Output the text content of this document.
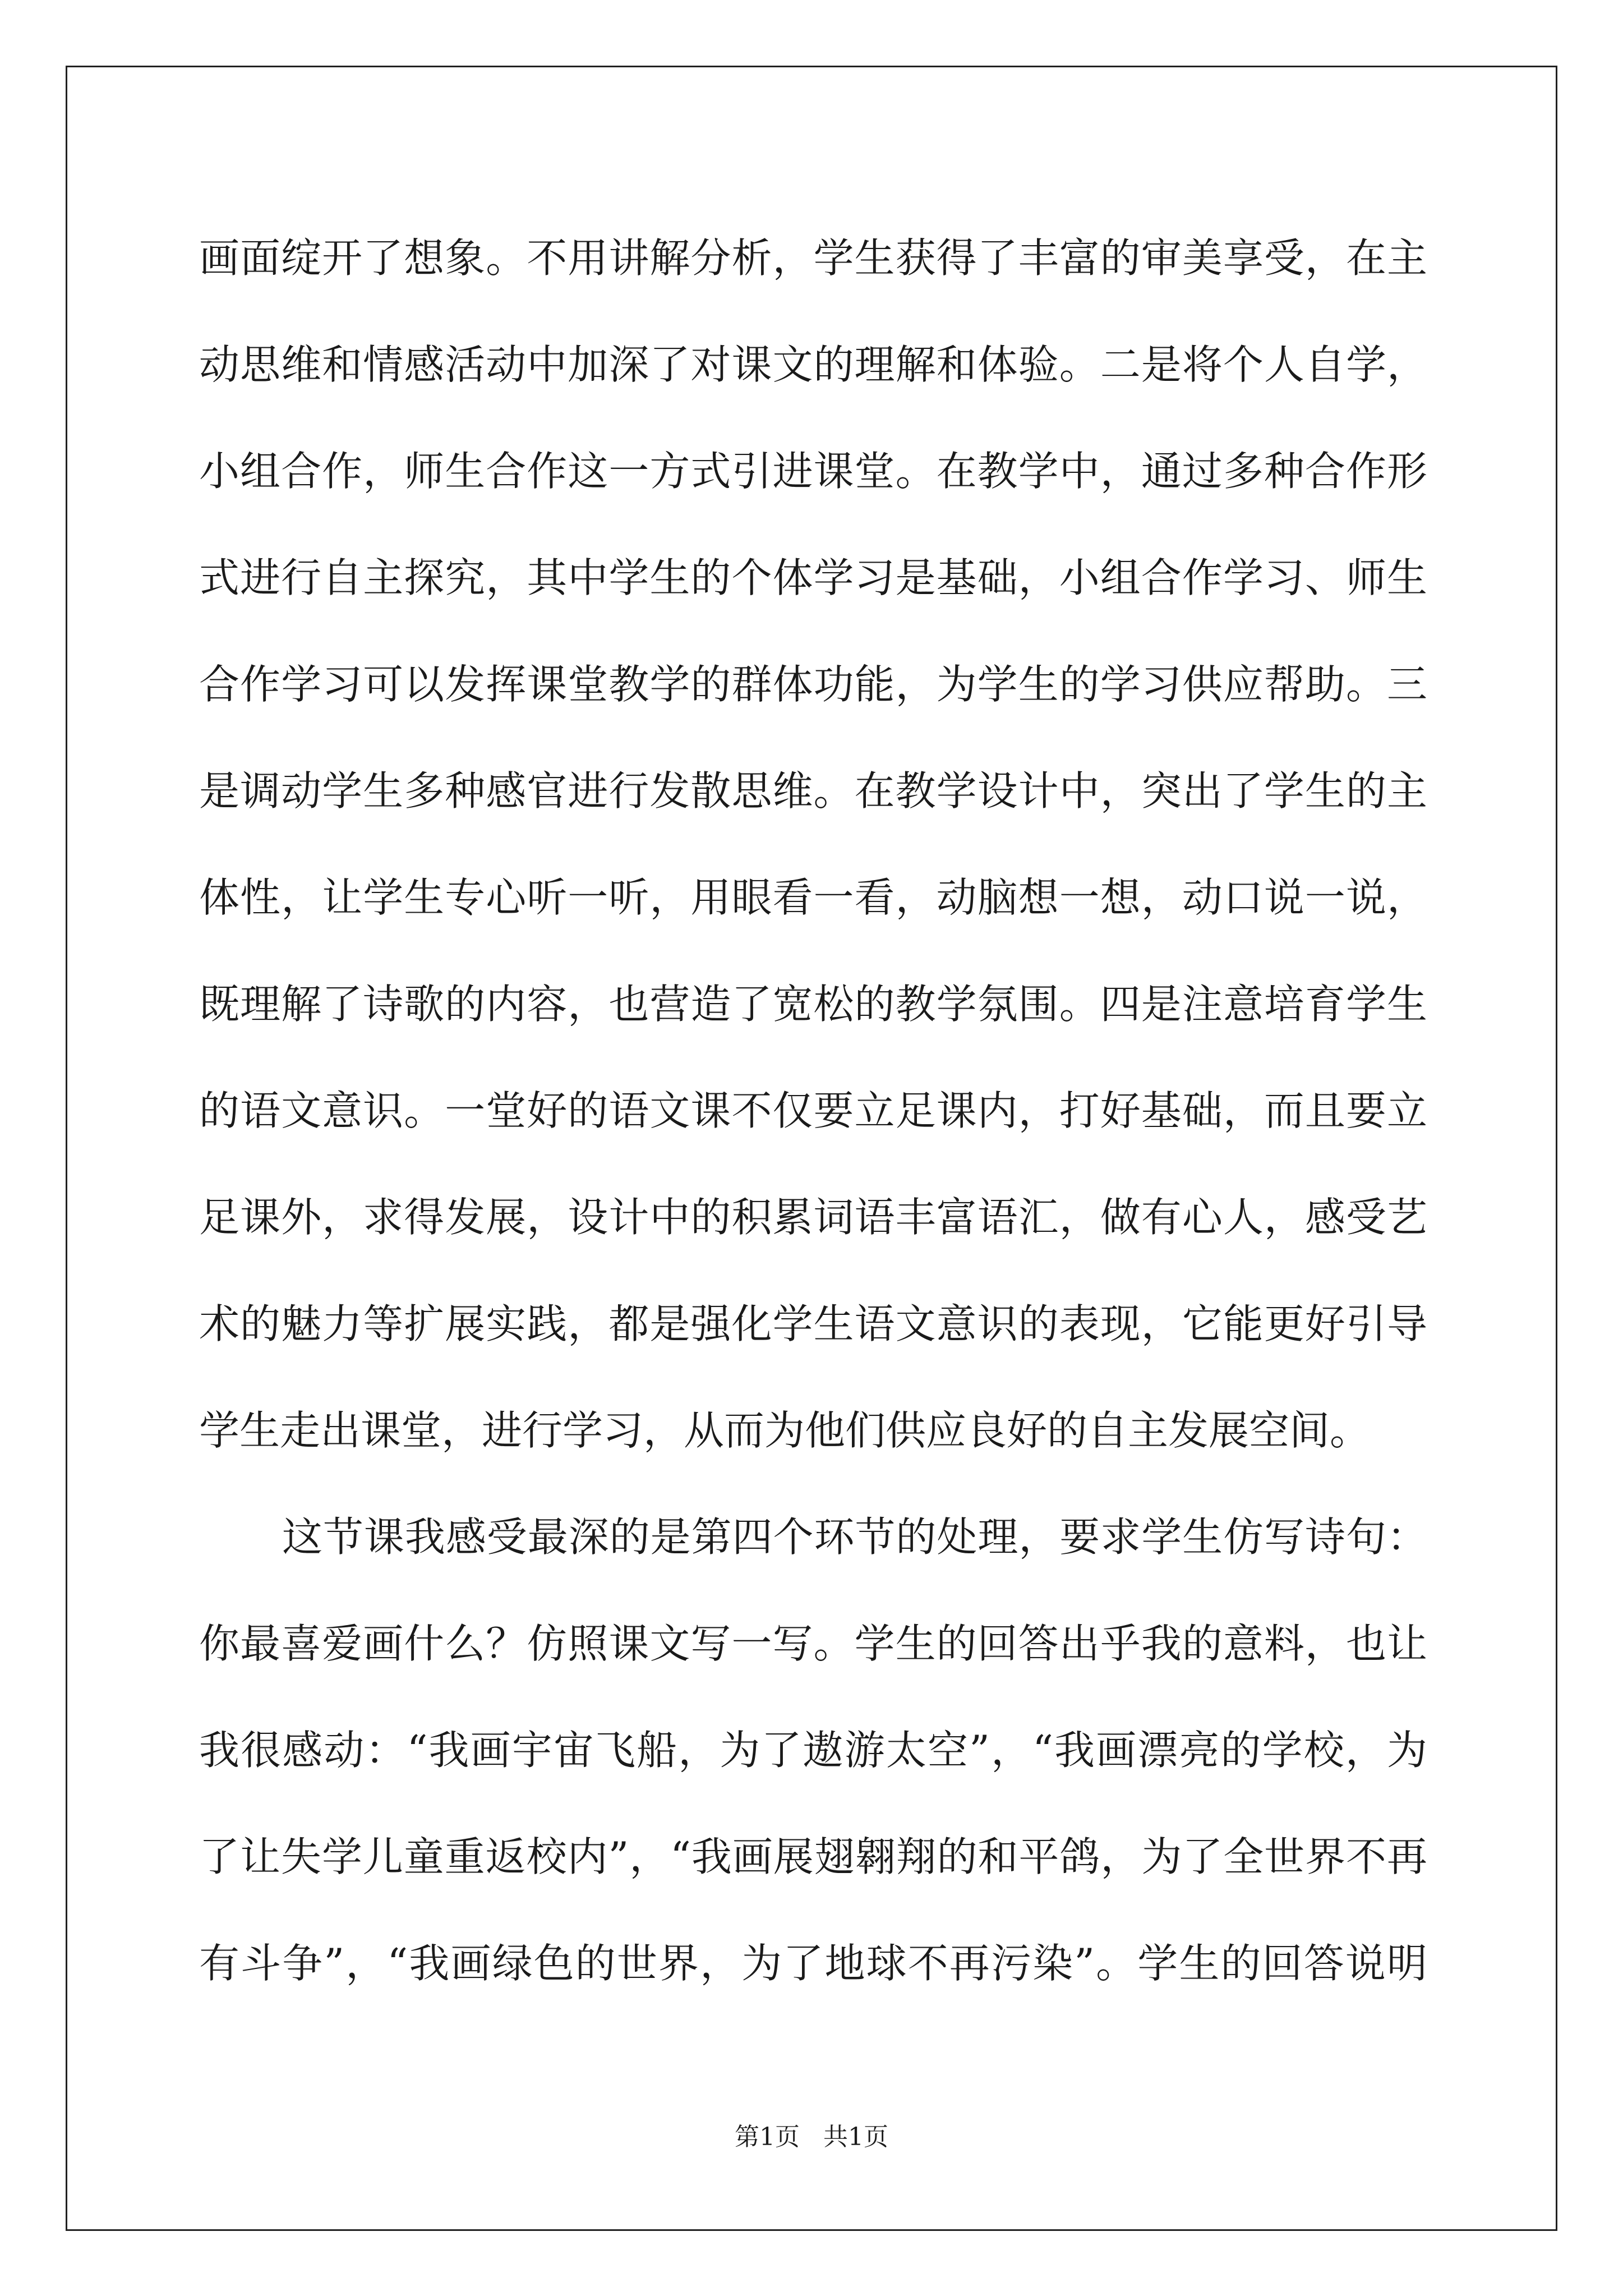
画面绽开了想象。不用讲解分析，学生获得了丰富的审美享受，在主
动思维和情感活动中加深了对课文的理解和体验。二是将个人自学，
小组合作，师生合作这一方式引进课堂。在教学中，通过多种合作形
式进行自主探究，其中学生的个体学习是基础，小组合作学习、师生
合作学习可以发挥课堂教学的群体功能，为学生的学习供应帮助。三
是调动学生多种感官进行发散思维。在教学设计中，突出了学生的主
体性，让学生专心听一听，用眼看一看，动脑想一想，动口说一说，
既理解了诗歌的内容，也营造了宽松的教学氛围。四是注意培育学生
的语文意识。一堂好的语文课不仅要立足课内，打好基础，而且要立
足课外，求得发展，设计中的积累词语丰富语汇，做有心人，感受艺
术的魅力等扩展实践，都是强化学生语文意识的表现，它能更好引导
学生走出课堂，进行学习，从而为他们供应良好的自主发展空间。
这节课我感受最深的是第四个环节的处理，要求学生仿写诗句：
你最喜爱画什么？仿照课文写一写。学生的回答出乎我的意料，也让
我很感动：“我画宇宙飞船，为了遨游太空”，“我画漂亮的学校，为
了让失学儿童重返校内”，“我画展翅翱翔的和平鸽，为了全世界不再
有斗争”，“我画绿色的世界，为了地球不再污染”。学生的回答说明
第1页   共1页
